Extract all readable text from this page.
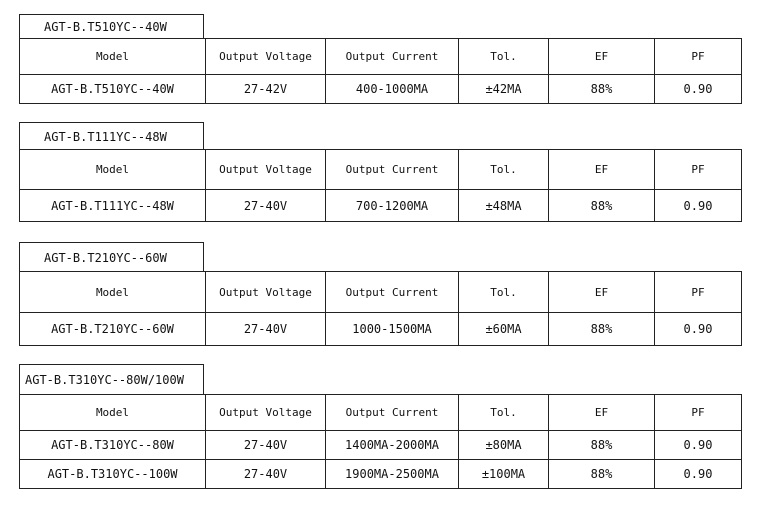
AGT-B.T510YC--40W
Model	Output Voltage	Output Current	Tol.	EF	PF
AGT-B.T510YC--40W	27-42V	400-1000MA	±42MA	88%	0.90
AGT-B.T111YC--48W
Model	Output Voltage	Output Current	Tol.	EF	PF
AGT-B.T111YC--48W	27-40V	700-1200MA	±48MA	88%	0.90
AGT-B.T210YC--60W
Model	Output Voltage	Output Current	Tol.	EF	PF
AGT-B.T210YC--60W	27-40V	1000-1500MA	±60MA	88%	0.90
AGT-B.T310YC--80W/100W
Model	Output Voltage	Output Current	Tol.	EF	PF
AGT-B.T310YC--80W	27-40V	1400MA-2000MA	±80MA	88%	0.90
AGT-B.T310YC--100W	27-40V	1900MA-2500MA	±100MA	88%	0.90
